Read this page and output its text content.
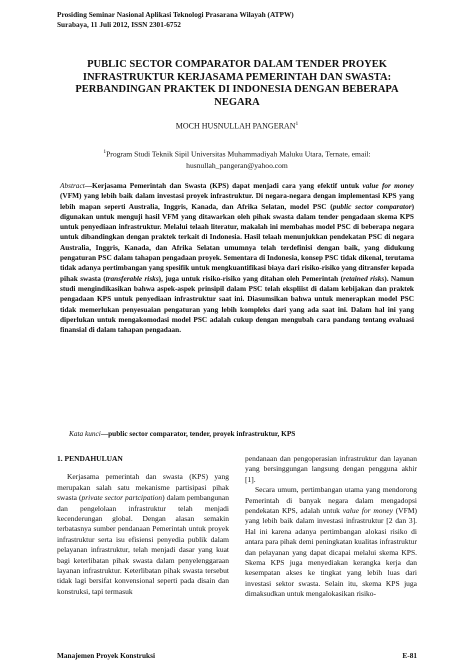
Prosiding Seminar Nasional Aplikasi Teknologi Prasarana Wilayah (ATPW)
Surabaya, 11 Juli 2012, ISSN 2301-6752
PUBLIC SECTOR COMPARATOR DALAM TENDER PROYEK
INFRASTRUKTUR KERJASAMA PEMERINTAH DAN SWASTA:
PERBANDINGAN PRAKTEK DI INDONESIA DENGAN BEBERAPA
NEGARA
MOCH HUSNULLAH PANGERAN$^1$
$^1$Program Studi Teknik Sipil Universitas Muhammadiyah Maluku Utara, Ternate, email:
husnullah_pangeran@yahoo.com
Abstract—Kerjasama Pemerintah dan Swasta (KPS) dapat menjadi cara yang efektif untuk value for money (VFM) yang lebih baik dalam investasi proyek infrastruktur. Di negara-negara dengan implementasi KPS yang lebih mapan seperti Australia, Inggris, Kanada, dan Afrika Selatan, model PSC (public sector comparator) digunakan untuk menguji hasil VFM yang ditawarkan oleh pihak swasta dalam tender pengadaan skema KPS untuk penyediaan infrastruktur. Melalui telaah literatur, makalah ini membahas model PSC di beberapa negara untuk dibandingkan dengan praktek terkait di Indonesia. Hasil telaah menunjukkan pendekatan PSC di negara Australia, Inggris, Kanada, dan Afrika Selatan umumnya telah terdefinisi dengan baik, yang didukung pengaturan PSC dalam tahapan pengadaan proyek. Sementara di Indonesia, konsep PSC tidak dikenal, terutama tidak adanya pertimbangan yang spesifik untuk mengkuantifikasi biaya dari risiko-risiko yang ditransfer kepada pihak swasta (transferable risks), juga untuk risiko-risiko yang ditahan oleh Pemerintah (retained risks). Namun studi mengindikasikan bahwa aspek-aspek prinsipil dalam PSC telah ekspliist di dalam kebijakan dan praktek pengadaan KPS untuk penyediaan infrastruktur saat ini. Diasumsikan bahwa untuk menerapkan model PSC tidak memerlukan penyesuaian pengaturan yang lebih kompleks dari yang ada saat ini. Dalam hal ini yang diperlukan untuk mengakomodasi model PSC adalah cukup dengan mengubah cara pandang tentang evaluasi finansial di dalam tahapan pengadaan.
Kata kunci—public sector comparator, tender, proyek infrastruktur, KPS
1. PENDAHULUAN

Kerjasama pemerintah dan swasta (KPS) yang merupakan salah satu mekanisme partisipasi pihak swasta (private sector partcipation) dalam pembangunan dan pengelolaan infrastruktur telah menjadi kecenderungan global. Dengan alasan semakin terbatasnya sumber pendanaan Pemerintah untuk proyek infrastruktur serta isu efisiensi penyedia publik dalam pelayanan infrastruktur, telah menjadi dasar yang kuat bagi keterlibatan pihak swasta dalam penyelenggaraan layanan infrastruktur. Keterlibatan pihak swasta tersebut tidak lagi bersifat konvensional seperti pada disain dan konstruksi, tapi termasuk

pendanaan dan pengoperasian infrastruktur dan layanan yang bersinggungan langsung dengan pengguna akhir [1].

Secara umum, pertimbangan utama yang mendorong Pemerintah di banyak negara dalam mengadopsi pendekatan KPS, adalah untuk value for money (VFM) yang lebih baik dalam investasi infrastruktur [2 dan 3]. Hal ini karena adanya pertimbangan alokasi risiko di antara para pihak demi peningkatan kualitas infrastruktur dan pelayanan yang dapat dicapai melalui skema KPS. Skema KPS juga menyediakan kerangka kerja dan kesempatan akses ke tingkat yang lebih luas dari investasi sektor swasta. Selain itu, skema KPS juga dimaksudkan untuk mengalokasikan risiko-

Manajemen Proyek Konstruksi	E-81
